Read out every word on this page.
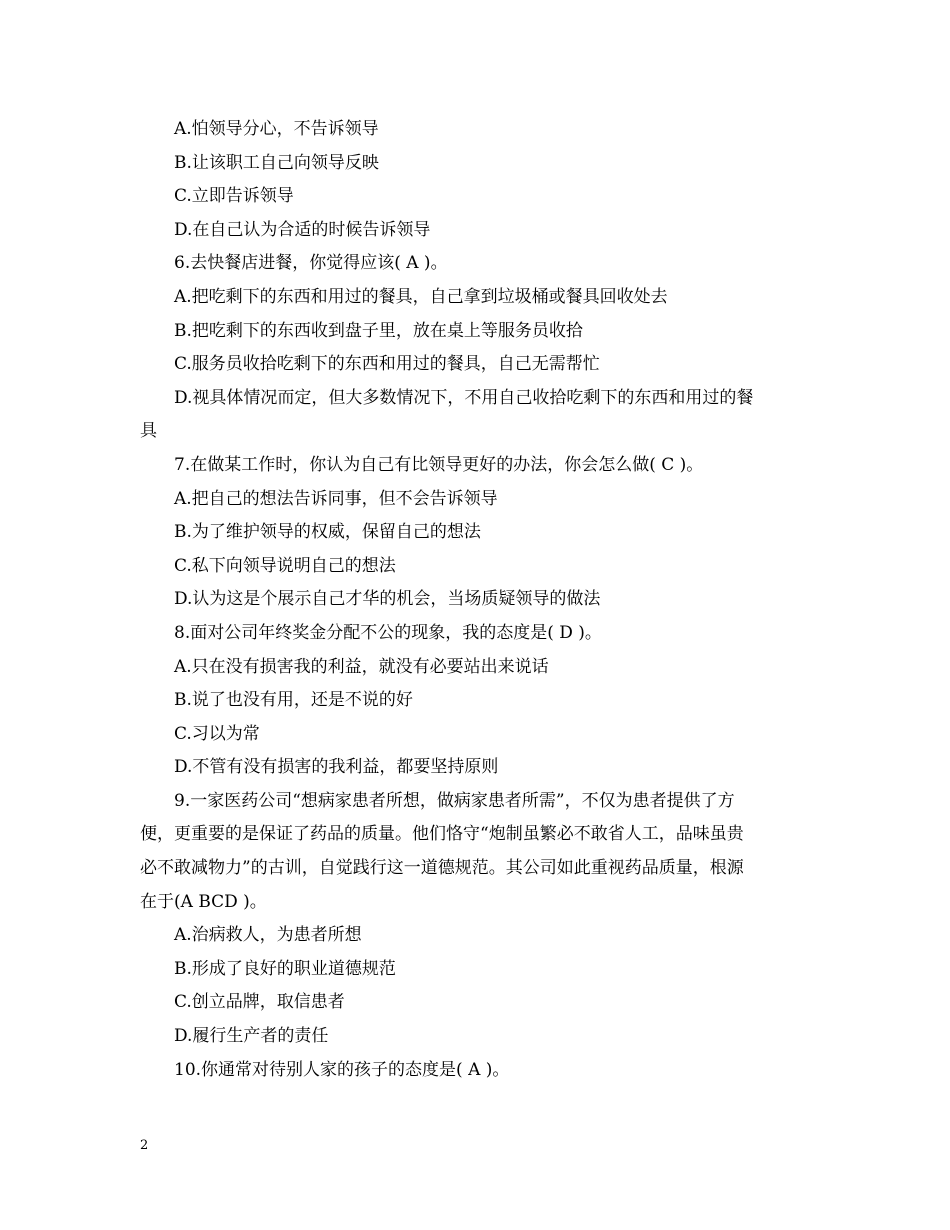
A.怕领导分心，不告诉领导
B.让该职工自己向领导反映
C.立即告诉领导
D.在自己认为合适的时候告诉领导
6.去快餐店进餐，你觉得应该( A )。
A.把吃剩下的东西和用过的餐具，自己拿到垃圾桶或餐具回收处去
B.把吃剩下的东西收到盘子里，放在桌上等服务员收拾
C.服务员收拾吃剩下的东西和用过的餐具，自己无需帮忙
D.视具体情况而定，但大多数情况下，不用自己收拾吃剩下的东西和用过的餐
具
7.在做某工作时，你认为自己有比领导更好的办法，你会怎么做( C )。
A.把自己的想法告诉同事，但不会告诉领导
B.为了维护领导的权威，保留自己的想法
C.私下向领导说明自己的想法
D.认为这是个展示自己才华的机会，当场质疑领导的做法
8.面对公司年终奖金分配不公的现象，我的态度是( D )。
A.只在没有损害我的利益，就没有必要站出来说话
B.说了也没有用，还是不说的好
C.习以为常
D.不管有没有损害的我利益，都要坚持原则
9.一家医药公司“想病家患者所想，做病家患者所需”，不仅为患者提供了方
便，更重要的是保证了药品的质量。他们恪守“炮制虽繁必不敢省人工，品味虽贵
必不敢减物力”的古训，自觉践行这一道德规范。其公司如此重视药品质量，根源
在于(A BCD )。
A.治病救人，为患者所想
B.形成了良好的职业道德规范
C.创立品牌，取信患者
D.履行生产者的责任
10.你通常对待别人家的孩子的态度是( A )。
2
